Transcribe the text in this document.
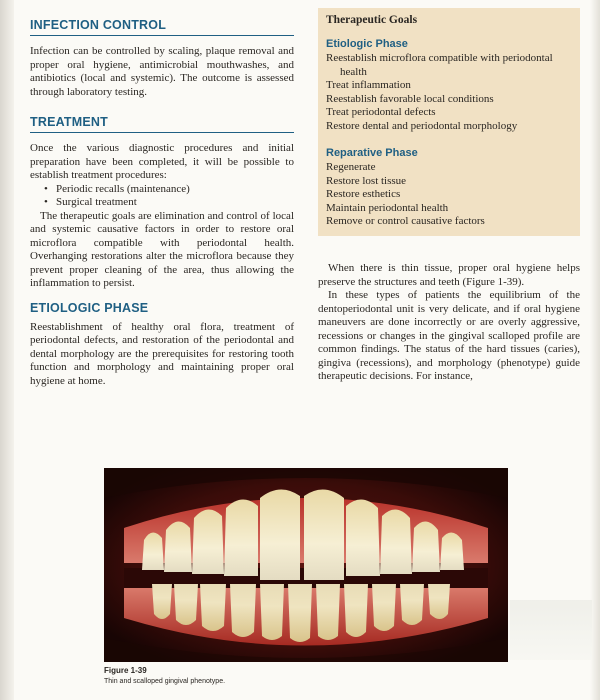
INFECTION CONTROL

Infection can be controlled by scaling, plaque removal and proper oral hygiene, antimicrobial mouthwashes, and antibiotics (local and systemic). The outcome is assessed through laboratory testing.

TREATMENT

Once the various diagnostic procedures and initial preparation have been completed, it will be possible to establish treatment procedures:

• Periodic recalls (maintenance)
• Surgical treatment

The therapeutic goals are elimination and control of local and systemic causative factors in order to restore oral microflora compatible with periodontal health. Overhanging restorations alter the microflora because they prevent proper cleaning of the area, thus allowing the inflammation to persist.

ETIOLOGIC PHASE

Reestablishment of healthy oral flora, treatment of periodontal defects, and restoration of the periodontal and dental morphology are the prerequisites for restoring tooth function and morphology and maintaining proper oral hygiene at home.

Therapeutic Goals
Etiologic Phase
Reestablish microflora compatible with periodontal
health
Treat inflammation
Reestablish favorable local conditions
Treat periodontal defects
Restore dental and periodontal morphology
Reparative Phase
Regenerate
Restore lost tissue
Restore esthetics
Maintain periodontal health
Remove or control causative factors

When there is thin tissue, proper oral hygiene helps preserve the structures and teeth (Figure 1-39).

In these types of patients the equilibrium of the dentoperiodontal unit is very delicate, and if oral hygiene maneuvers are done incorrectly or are overly aggressive, recessions or changes in the gingival scalloped profile are common findings. The status of the hard tissues (caries), gingiva (recessions), and morphology (phenotype) guide therapeutic decisions. For instance,

Figure 1-39
Thin and scalloped gingival phenotype.
